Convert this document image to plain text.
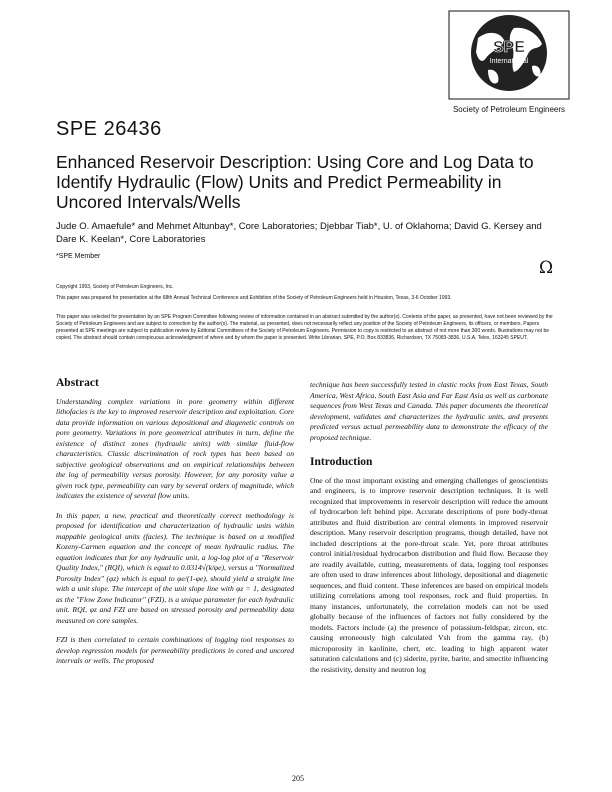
SPE
International
Society of Petroleum Engineers
SPE 26436
Enhanced Reservoir Description: Using Core and Log Data to Identify Hydraulic (Flow) Units and Predict Permeability in Uncored Intervals/Wells
Jude O. Amaefule* and Mehmet Altunbay*, Core Laboratories; Djebbar Tiab*, U. of Oklahoma; David G. Kersey and Dare K. Keelan*, Core Laboratories
*SPE Member
Ω
Copyright 1993, Society of Petroleum Engineers, Inc.
This paper was prepared for presentation at the 68th Annual Technical Conference and Exhibition of the Society of Petroleum Engineers held in Houston, Texas, 3-6 October 1993.
This paper was selected for presentation by an SPE Program Committee following review of information contained in an abstract submitted by the author(s). Contents of the paper, as presented, have not been reviewed by the Society of Petroleum Engineers and are subject to correction by the author(s). The material, as presented, does not necessarily reflect any position of the Society of Petroleum Engineers, its officers, or members. Papers presented at SPE meetings are subject to publication review by Editorial Committees of the Society of Petroleum Engineers. Permission to copy is restricted to an abstract of not more than 300 words. Illustrations may not be copied. The abstract should contain conspicuous acknowledgment of where and by whom the paper is presented. Write Librarian, SPE, P.O. Box 833836, Richardson, TX 75083-3836, U.S.A. Telex, 163245 SPEUT.
Abstract

Understanding complex variations in pore geometry within different lithofacies is the key to improved reservoir description and exploitation. Core data provide information on various depositional and diagenetic controls on pore geometry. Variations in pore geometrical attributes in turn, define the existence of distinct zones (hydraulic units) with similar fluid-flow characteristics. Classic discrimination of rock types has been based on subjective geological observations and on empirical relationships between the log of permeability versus porosity. However, for any porosity value a given rock type, permeability can vary by several orders of magnitude, which indicates the existence of several flow units.

In this paper, a new, practical and theoretically correct methodology is proposed for identification and characterization of hydraulic units within mappable geological units (facies). The technique is based on a modified Kozeny-Carmen equation and the concept of mean hydraulic radius. The equation indicates that for any hydraulic unit, a log-log plot of a "Reservoir Quality Index," (RQI), which is equal to 0.0314√(k/φe), versus a "Normalized Porosity Index" (φz) which is equal to φe/(1-φe), should yield a straight line with a unit slope. The intercept of the unit slope line with φz = 1, designated as the "Flow Zone Indicator" (FZI), is a unique parameter for each hydraulic unit. RQI, φz and FZI are based on stressed porosity and permeability data measured on core samples.

FZI is then correlated to certain combinations of logging tool responses to develop regression models for permeability predictions in cored and uncored intervals or wells. The proposed

technique has been successfully tested in clastic rocks from East Texas, South America, West Africa, South East Asia and Far East Asia as well as carbonate sequences from West Texas and Canada. This paper documents the theoretical development, validates and characterizes the hydraulic units, and presents predicted versus actual permeability data to demonstrate the efficacy of the proposed technique.

Introduction

One of the most important existing and emerging challenges of geoscientists and engineers, is to improve reservoir description techniques. It is well recognized that improvements in reservoir description will reduce the amount of hydrocarbon left behind pipe. Accurate descriptions of pore body-throat attributes and fluid distribution are central elements in improved reservoir description. Many reservoir description programs, though detailed, have not included descriptions at the pore-throat scale. Yet, pore throat attributes control initial/residual hydrocarbon distribution and fluid flow. Because they are readily available, cutting, measurements of data, logging tool responses are often used to draw inferences about lithology, depositional and diagenetic sequences, and fluid content. These inferences are based on empirical models utilizing correlations among tool responses, rock and fluid properties. In many instances, unfortunately, the correlation models can not be used globally because of the influences of factors not fully considered by the models. Factors include (a) the presence of potassium-feldspar, zircon, etc. causing erroneously high calculated Vsh from the gamma ray, (b) microporosity in kaolinite, chert, etc. leading to high apparent water saturation calculations and (c) siderite, pyrite, barite, and smectite influencing the resistivity, density and neutron log

205
